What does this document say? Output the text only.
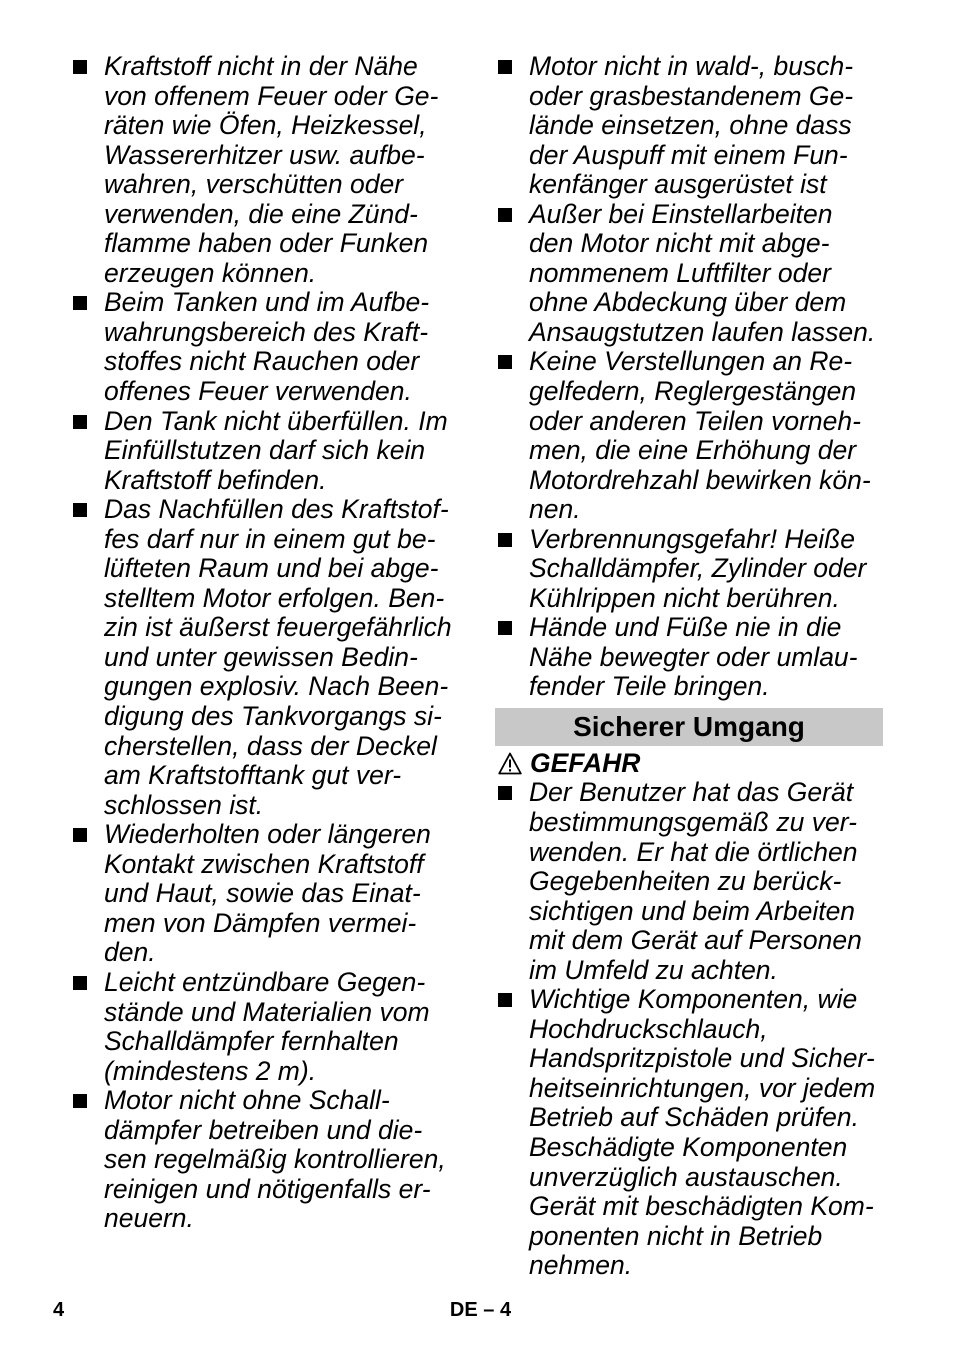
Kraftstoff nicht in der Nähe
von offenem Feuer oder Ge-
räten wie Öfen, Heizkessel,
Wassererhitzer usw. aufbe-
wahren, verschütten oder
verwenden, die eine Zünd-
flamme haben oder Funken
erzeugen können.
Beim Tanken und im Aufbe-
wahrungsbereich des Kraft-
stoffes nicht Rauchen oder
offenes Feuer verwenden.
Den Tank nicht überfüllen. Im
Einfüllstutzen darf sich kein
Kraftstoff befinden.
Das Nachfüllen des Kraftstof-
fes darf nur in einem gut be-
lüfteten Raum und bei abge-
stelltem Motor erfolgen. Ben-
zin ist äußerst feuergefährlich
und unter gewissen Bedin-
gungen explosiv. Nach Been-
digung des Tankvorgangs si-
cherstellen, dass der Deckel
am Kraftstofftank gut ver-
schlossen ist.
Wiederholten oder längeren
Kontakt zwischen Kraftstoff
und Haut, sowie das Einat-
men von Dämpfen vermei-
den.
Leicht entzündbare Gegen-
stände und Materialien vom
Schalldämpfer fernhalten
(mindestens 2 m).
Motor nicht ohne Schall-
dämpfer betreiben und die-
sen regelmäßig kontrollieren,
reinigen und nötigenfalls er-
neuern.
Motor nicht in wald-, busch-
oder grasbestandenem Ge-
lände einsetzen, ohne dass
der Auspuff mit einem Fun-
kenfänger ausgerüstet ist
Außer bei Einstellarbeiten
den Motor nicht mit abge-
nommenem Luftfilter oder
ohne Abdeckung über dem
Ansaugstutzen laufen lassen.
Keine Verstellungen an Re-
gelfedern, Reglergestängen
oder anderen Teilen vorneh-
men, die eine Erhöhung der
Motordrehzahl bewirken kön-
nen.
Verbrennungsgefahr! Heiße
Schalldämpfer, Zylinder oder
Kühlrippen nicht berühren.
Hände und Füße nie in die
Nähe bewegter oder umlau-
fender Teile bringen.
Sicherer Umgang
GEFAHR
Der Benutzer hat das Gerät
bestimmungsgemäß zu ver-
wenden. Er hat die örtlichen
Gegebenheiten zu berück-
sichtigen und beim Arbeiten
mit dem Gerät auf Personen
im Umfeld zu achten.
Wichtige Komponenten, wie
Hochdruckschlauch,
Handspritzpistole und Sicher-
heitseinrichtungen, vor jedem
Betrieb auf Schäden prüfen.
Beschädigte Komponenten
unverzüglich austauschen.
Gerät mit beschädigten Kom-
ponenten nicht in Betrieb
nehmen.
4	DE – 4
